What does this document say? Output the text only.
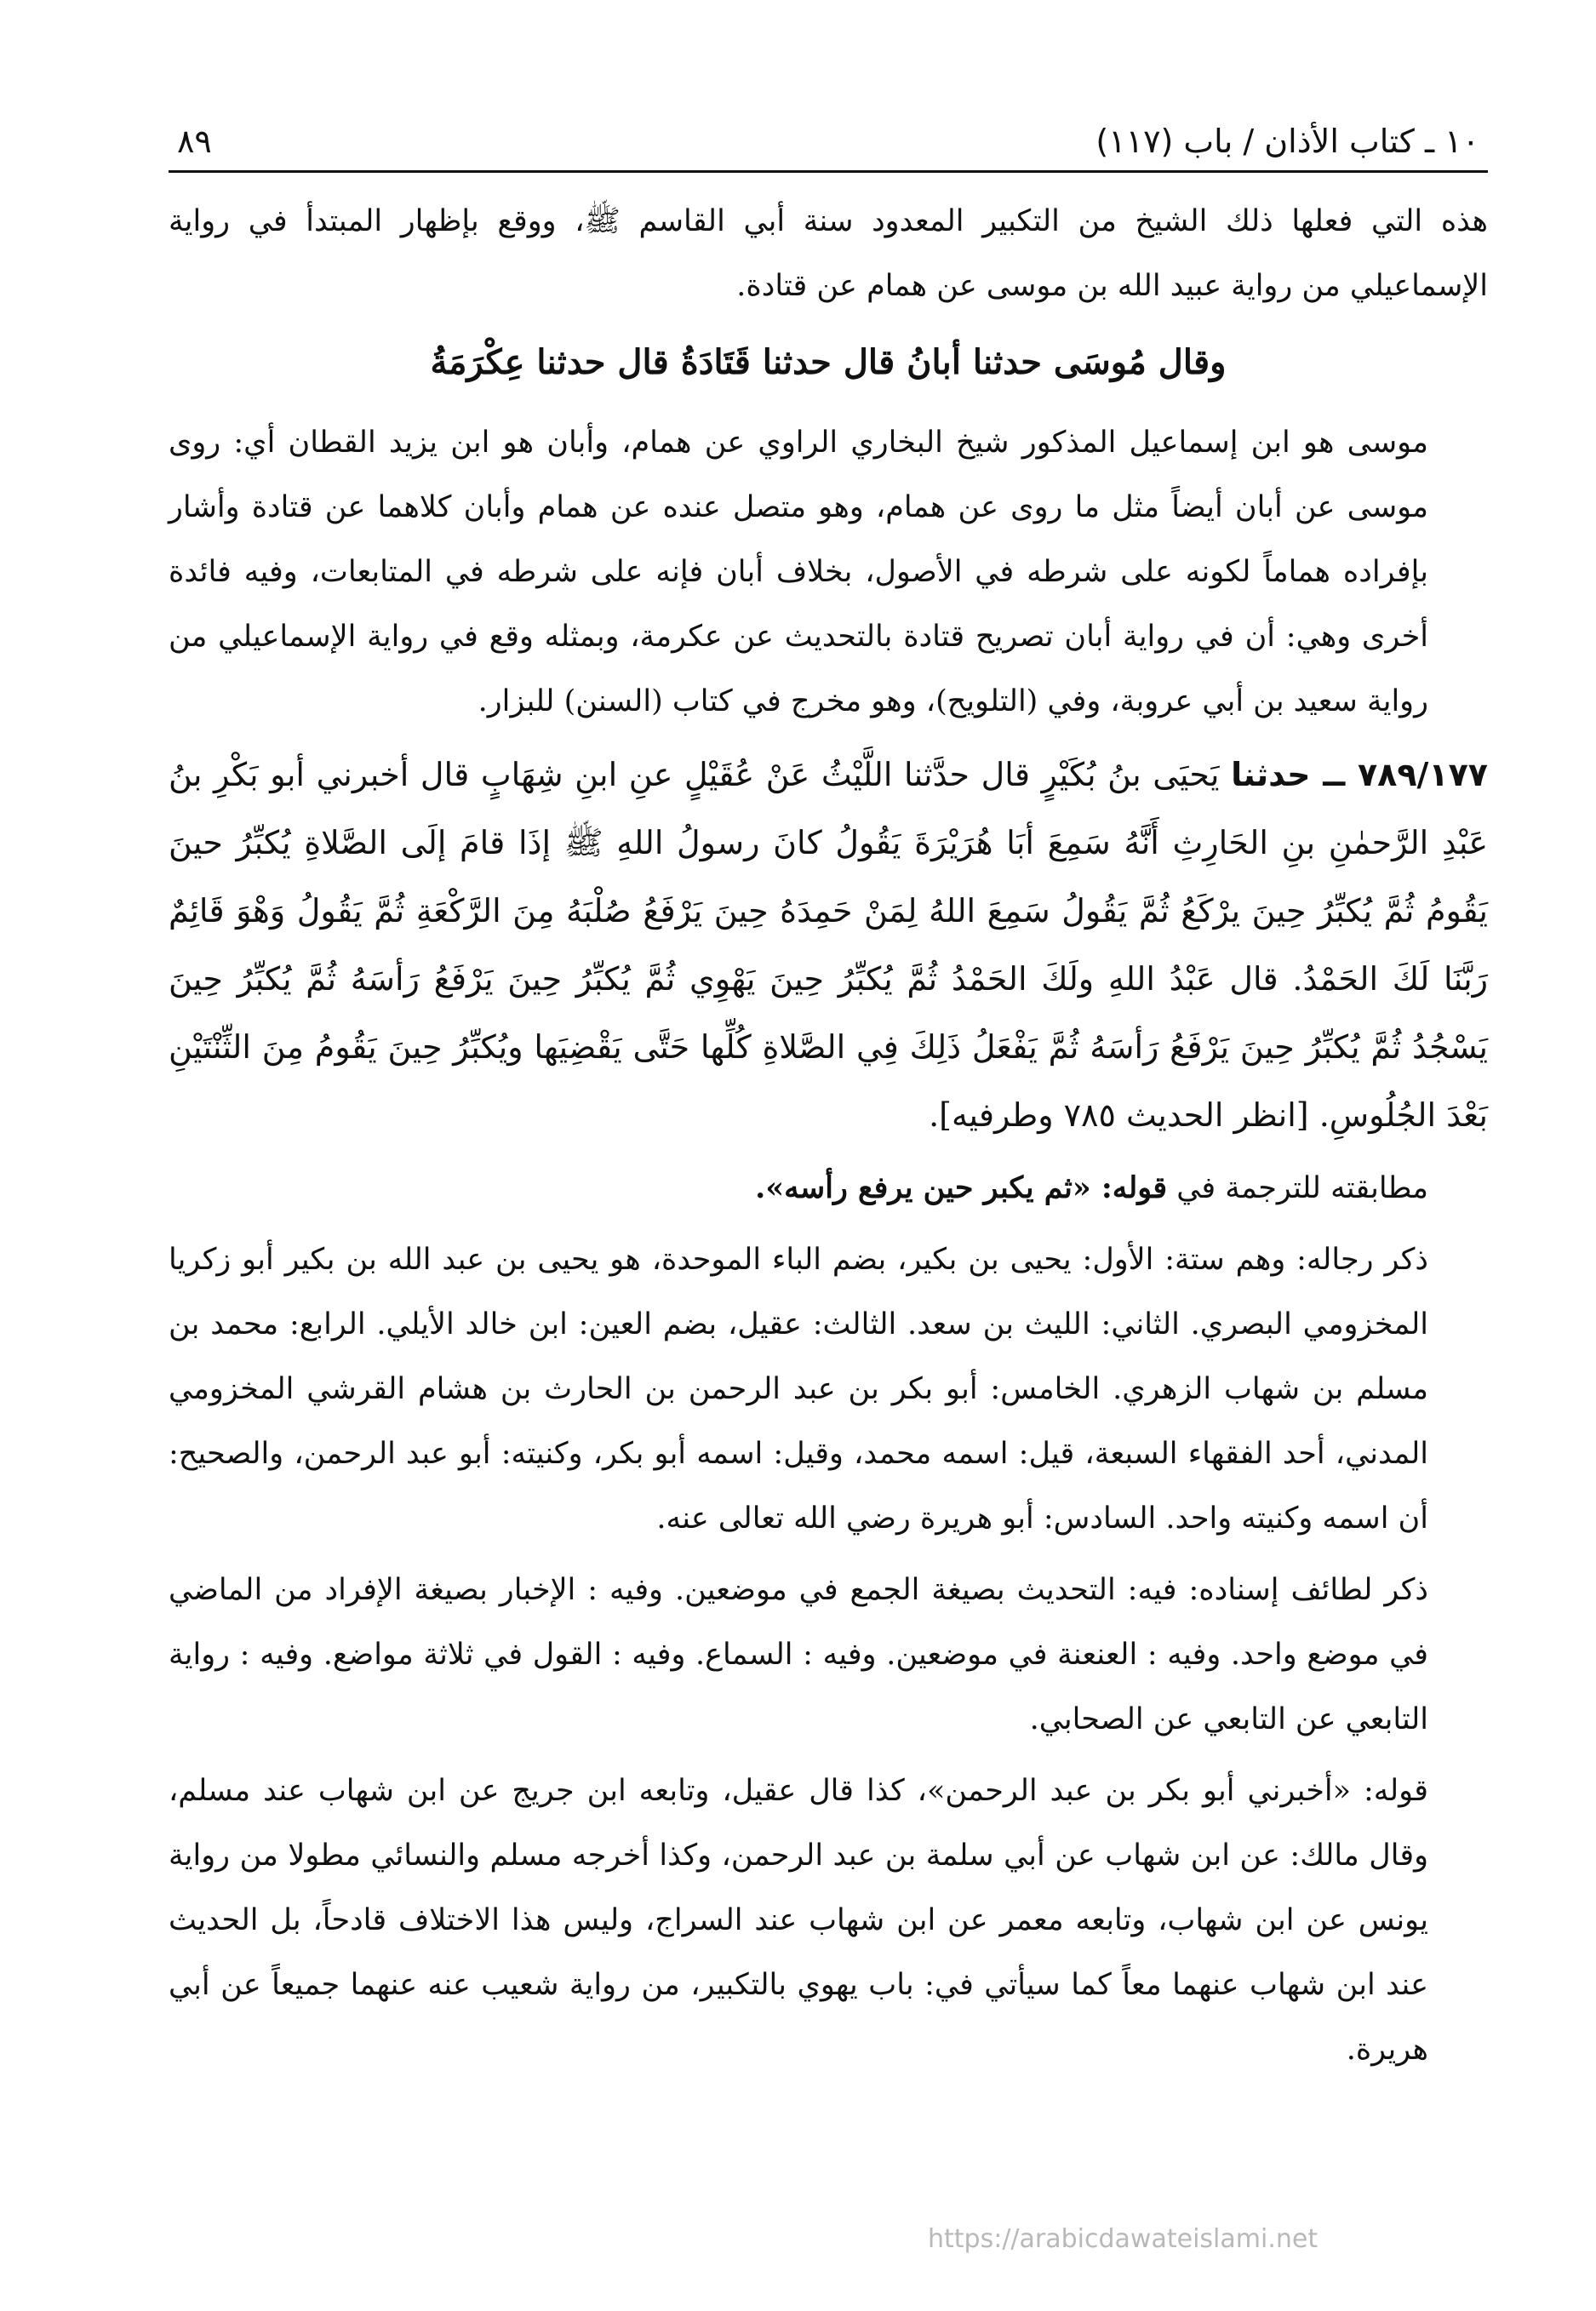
١٠ ـ كتاب الأذان / باب (١١٧)
٨٩

هذه التي فعلها ذلك الشيخ من التكبير المعدود سنة أبي القاسم ﷺ، ووقع بإظهار المبتدأ في رواية الإسماعيلي من رواية عبيد الله بن موسى عن همام عن قتادة.

وقال مُوسَى حدثنا أبانُ قال حدثنا قَتَادَةُ قال حدثنا عِكْرَمَةُ

موسى هو ابن إسماعيل المذكور شيخ البخاري الراوي عن همام، وأبان هو ابن يزيد القطان أي: روى موسى عن أبان أيضاً مثل ما روى عن همام، وهو متصل عنده عن همام وأبان كلاهما عن قتادة وأشار بإفراده هماماً لكونه على شرطه في الأصول، بخلاف أبان فإنه على شرطه في المتابعات، وفيه فائدة أخرى وهي: أن في رواية أبان تصريح قتادة بالتحديث عن عكرمة، وبمثله وقع في رواية الإسماعيلي من رواية سعيد بن أبي عروبة، وفي (التلويح)، وهو مخرج في كتاب (السنن) للبزار.

٧٨٩/١٧٧ ــ حدثنا يَحيَى بنُ بُكَيْرٍ قال حدَّثنا اللَّيْثُ عَنْ عُقَيْلٍ عنِ ابنِ شِهَابٍ قال أخبرني أبو بَكْرِ بنُ عَبْدِ الرَّحمٰنِ بنِ الحَارِثِ أَنَّهُ سَمِعَ أبَا هُرَيْرَةَ يَقُولُ كانَ رسولُ اللهِ ﷺ إذَا قامَ إلَى الصَّلاةِ يُكبِّرُ حينَ يَقُومُ ثُمَّ يُكبِّرُ حِينَ يرْكَعُ ثُمَّ يَقُولُ سَمِعَ اللهُ لِمَنْ حَمِدَهُ حِينَ يَرْفَعُ صُلْبَهُ مِنَ الرَّكْعَةِ ثُمَّ يَقُولُ وَهْوَ قَائِمٌ رَبَّنَا لَكَ الحَمْدُ. قال عَبْدُ اللهِ ولَكَ الحَمْدُ ثُمَّ يُكبِّرُ حِينَ يَهْوِي ثُمَّ يُكبِّرُ حِينَ يَرْفَعُ رَأسَهُ ثُمَّ يُكبِّرُ حِينَ يَسْجُدُ ثُمَّ يُكبِّرُ حِينَ يَرْفَعُ رَأسَهُ ثُمَّ يَفْعَلُ ذَلِكَ فِي الصَّلاةِ كُلِّها حَتَّى يَقْضِيَها ويُكبِّرُ حِينَ يَقُومُ مِنَ الثِّنْتَيْنِ بَعْدَ الجُلُوسِ. [انظر الحديث ٧٨٥ وطرفيه].

مطابقته للترجمة في قوله: «ثم يكبر حين يرفع رأسه».

ذكر رجاله: وهم ستة: الأول: يحيى بن بكير، بضم الباء الموحدة، هو يحيى بن عبد الله بن بكير أبو زكريا المخزومي البصري. الثاني: الليث بن سعد. الثالث: عقيل، بضم العين: ابن خالد الأيلي. الرابع: محمد بن مسلم بن شهاب الزهري. الخامس: أبو بكر بن عبد الرحمن بن الحارث بن هشام القرشي المخزومي المدني، أحد الفقهاء السبعة، قيل: اسمه محمد، وقيل: اسمه أبو بكر، وكنيته: أبو عبد الرحمن، والصحيح: أن اسمه وكنيته واحد. السادس: أبو هريرة رضي الله تعالى عنه.

ذكر لطائف إسناده: فيه: التحديث بصيغة الجمع في موضعين. وفيه : الإخبار بصيغة الإفراد من الماضي في موضع واحد. وفيه : العنعنة في موضعين. وفيه : السماع. وفيه : القول في ثلاثة مواضع. وفيه : رواية التابعي عن التابعي عن الصحابي.

قوله: «أخبرني أبو بكر بن عبد الرحمن»، كذا قال عقيل، وتابعه ابن جريج عن ابن شهاب عند مسلم، وقال مالك: عن ابن شهاب عن أبي سلمة بن عبد الرحمن، وكذا أخرجه مسلم والنسائي مطولا من رواية يونس عن ابن شهاب، وتابعه معمر عن ابن شهاب عند السراج، وليس هذا الاختلاف قادحاً، بل الحديث عند ابن شهاب عنهما معاً كما سيأتي في: باب يهوي بالتكبير، من رواية شعيب عنه عنهما جميعاً عن أبي هريرة.

https://arabicdawateislami.net
